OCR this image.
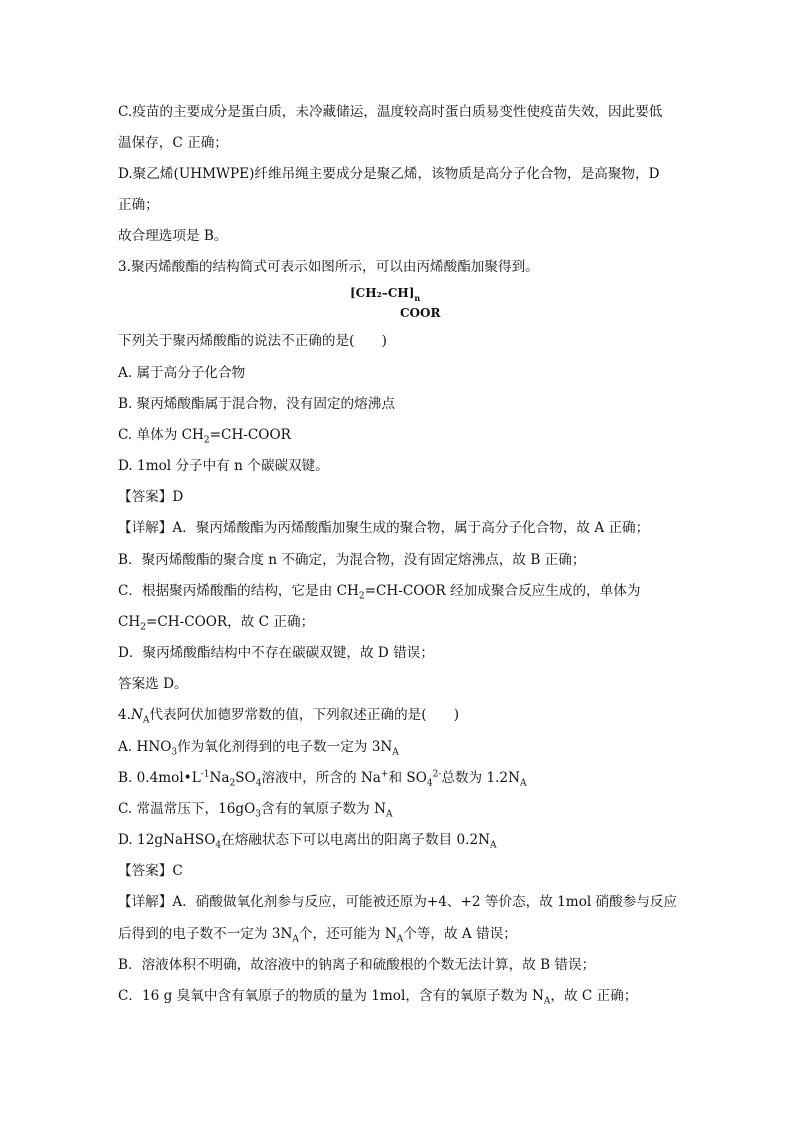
C.疫苗的主要成分是蛋白质，未冷藏储运，温度较高时蛋白质易变性使疫苗失效，因此要低
温保存，C 正确；
D.聚乙烯(UHMWPE)纤维吊绳主要成分是聚乙烯，该物质是高分子化合物，是高聚物，D
正确；
故合理选项是 B。
3.聚丙烯酸酯的结构简式可表示如图所示，可以由丙烯酸酯加聚得到。
$[CH_2-CH]_n$
COOR
下列关于聚丙烯酸酯的说法不正确的是(　　)
A. 属于高分子化合物
B. 聚丙烯酸酯属于混合物，没有固定的熔沸点
C. 单体为 $CH_2=CH$-COOR
D. 1mol 分子中有 n 个碳碳双键。
【答案】D
【详解】A．聚丙烯酸酯为丙烯酸酯加聚生成的聚合物，属于高分子化合物，故 A 正确；
B．聚丙烯酸酯的聚合度 n 不确定，为混合物，没有固定熔沸点，故 B 正确；
C．根据聚丙烯酸酯的结构，它是由 $CH_2=CH$-COOR 经加成聚合反应生成的，单体为
$CH_2=CH$-COOR，故 C 正确；
D．聚丙烯酸酯结构中不存在碳碳双键，故 D 错误；
答案选 D。
$4.N_A$代表阿伏加德罗常数的值，下列叙述正确的是(　　)
A. $HNO_3$作为氧化剂得到的电子数一定为 $3N_A$
B. $0.4mol•L^{-1}Na_2SO_4$溶液中，所含的 Na+和 $SO_4^{2-}$总数为 $1.2N_A$
C. 常温常压下，$16gO_3$含有的氧原子数为 $N_A$
D. 12gNaHSO$_4$在熔融状态下可以电离出的阳离子数目 $0.2N_A$
【答案】C
【详解】A．硝酸做氧化剂参与反应，可能被还原为+4、+2 等价态，故 1mol 硝酸参与反应
后得到的电子数不一定为 $3N_A$个，还可能为 $N_A$个等，故 A 错误；
B．溶液体积不明确，故溶液中的钠离子和硫酸根的个数无法计算，故 B 错误；
C．16 g 臭氧中含有氧原子的物质的量为 1mol，含有的氧原子数为 $N_A$，故 C 正确；
